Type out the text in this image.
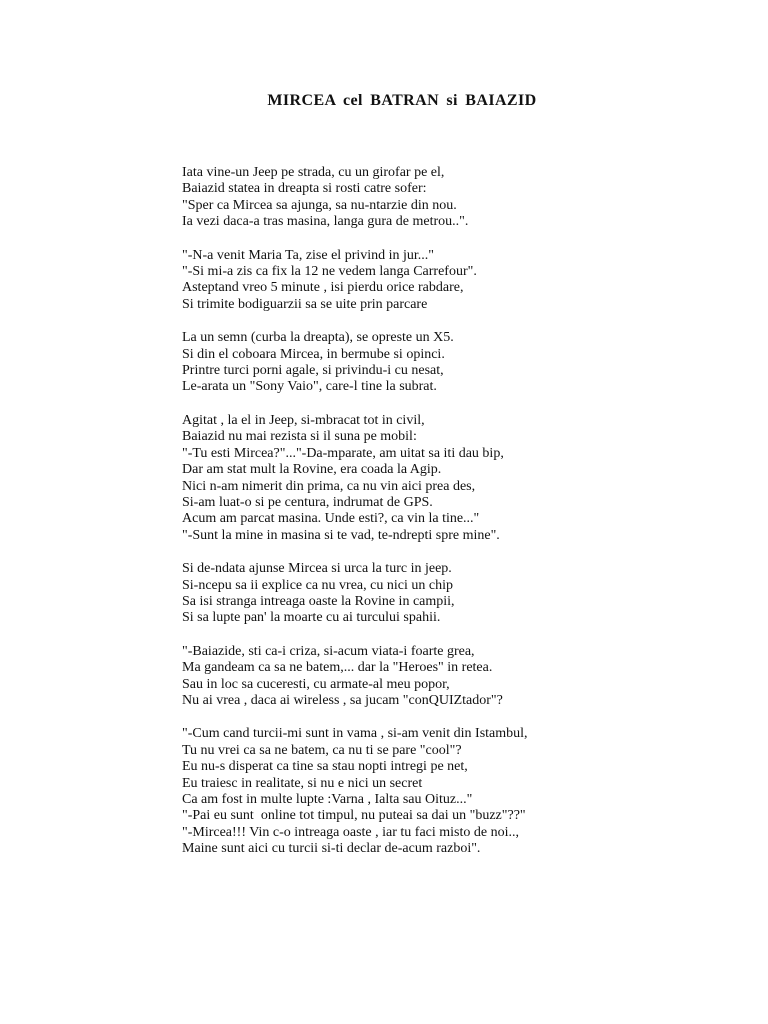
MIRCEA cel BATRAN si BAIAZID
Iata vine-un Jeep pe strada, cu un girofar pe el,
Baiazid statea in dreapta si rosti catre sofer:
"Sper ca Mircea sa ajunga, sa nu-ntarzie din nou.
Ia vezi daca-a tras masina, langa gura de metrou..".
"-N-a venit Maria Ta, zise el privind in jur..."
"-Si mi-a zis ca fix la 12 ne vedem langa Carrefour".
Asteptand vreo 5 minute , isi pierdu orice rabdare,
Si trimite bodiguarzii sa se uite prin parcare
La un semn (curba la dreapta), se opreste un X5.
Si din el coboara Mircea, in bermube si opinci.
Printre turci porni agale, si privindu-i cu nesat,
Le-arata un "Sony Vaio", care-l tine la subrat.
Agitat , la el in Jeep, si-mbracat tot in civil,
Baiazid nu mai rezista si il suna pe mobil:
"-Tu esti Mircea?"..."-Da-mparate, am uitat sa iti dau bip,
Dar am stat mult la Rovine, era coada la Agip.
Nici n-am nimerit din prima, ca nu vin aici prea des,
Si-am luat-o si pe centura, indrumat de GPS.
Acum am parcat masina. Unde esti?, ca vin la tine..."
"-Sunt la mine in masina si te vad, te-ndrepti spre mine".
Si de-ndata ajunse Mircea si urca la turc in jeep.
Si-ncepu sa ii explice ca nu vrea, cu nici un chip
Sa isi stranga intreaga oaste la Rovine in campii,
Si sa lupte pan' la moarte cu ai turcului spahii.
"-Baiazide, sti ca-i criza, si-acum viata-i foarte grea,
Ma gandeam ca sa ne batem,... dar la "Heroes" in retea.
Sau in loc sa cuceresti, cu armate-al meu popor,
Nu ai vrea , daca ai wireless , sa jucam "conQUIZtador"?
"-Cum cand turcii-mi sunt in vama , si-am venit din Istambul,
Tu nu vrei ca sa ne batem, ca nu ti se pare "cool"?
Eu nu-s disperat ca tine sa stau nopti intregi pe net,
Eu traiesc in realitate, si nu e nici un secret
Ca am fost in multe lupte :Varna , Ialta sau Oituz..."
"-Pai eu sunt  online tot timpul, nu puteai sa dai un "buzz"??"
"-Mircea!!! Vin c-o intreaga oaste , iar tu faci misto de noi..,
Maine sunt aici cu turcii si-ti declar de-acum razboi".
